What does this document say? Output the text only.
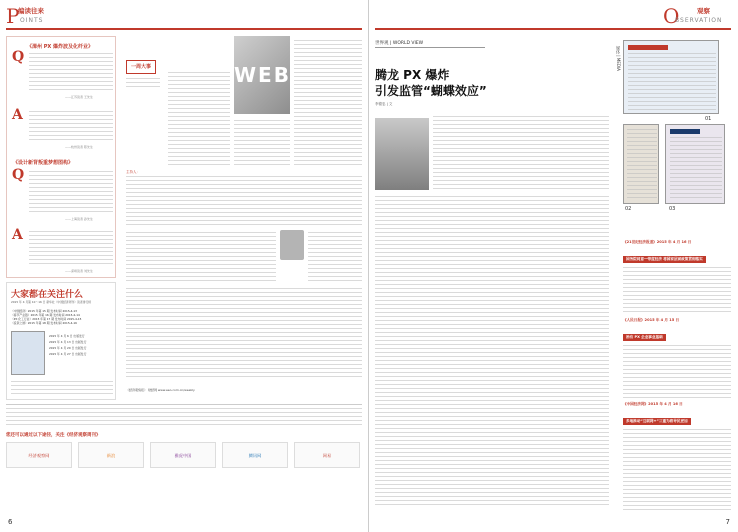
P
编读往来
OINTS
《漳州 PX 爆炸波及化纤业》
Q
——江苏读者 王先生
A
——杭州读者 陈先生
《设计新背叛重梦想图构》
Q
——上海读者 孙先生
A
——深圳读者 刘先生
大家都在关注什么
2015 年 4 月第 10～16 日 新华社《中国经济周刊》读者排行榜
《中国经济》2015 年第 15 期 发布时间 2015-4-13
《春节产业链》2015 年第 16 期 发布时间 2015-4-14
《PX 化工行业》2015 年第 17 期 发布时间 2015-4-15
《投资之道》2015 年第 18 期 发布时间 2015-4-16
2015 年 4 月 6 日 出版发行
2015 年 4 月 13 日 出版发行
2015 年 4 月 20 日 出版发行
2015 年 4 月 27 日 出版发行
一周大事	WEB
主持人：
《经济观察报》 财经网 www.eeo.com.cn/weekly
您还可以通过以下途径，关注《经济观察周刊》
经济观察网	新浪	雅虎中国	腾讯网	网易
6
观察
O
BSERVATION
世界观 | WORLD VIEW
腾龙 PX 爆炸
引发监管“蝴蝶效应”
李德忠 | 文
媒体 | MEDIA
01
02	03
《21世纪经济报道》2015 年 4 月 16 日
国务院同意一带度经济 将国家层面政策贯彻落实
《人民日报》2015 年 4 月 15 日
治有 PX 企业事业基础
《中国经济网》2015 年 4 月 16 日
多地推动“互联网+”三重为将导民更加
7
